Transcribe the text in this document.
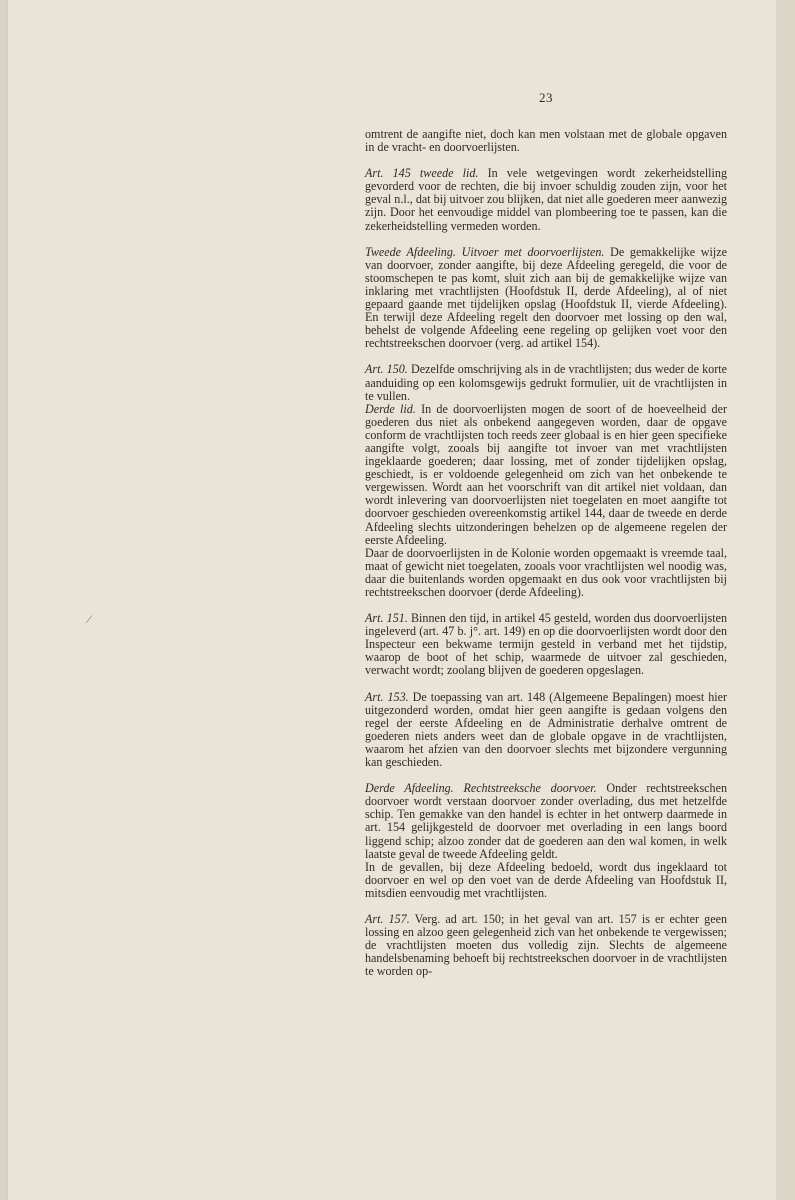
23

omtrent de aangifte niet, doch kan men volstaan met de globale opgaven in de vracht- en doorvoerlijsten.

Art. 145 tweede lid. In vele wetgevingen wordt zekerheidstelling gevorderd voor de rechten, die bij invoer schuldig zouden zijn, voor het geval n.l., dat bij uitvoer zou blijken, dat niet alle goederen meer aanwezig zijn. Door het eenvoudige middel van plombeering toe te passen, kan die zekerheidstelling vermeden worden.

Tweede Afdeeling. Uitvoer met doorvoerlijsten. De gemakkelijke wijze van doorvoer, zonder aangifte, bij deze Afdeeling geregeld, die voor de stoomschepen te pas komt, sluit zich aan bij de gemakkelijke wijze van inklaring met vrachtlijsten (Hoofdstuk II, derde Afdeeling), al of niet gepaard gaande met tijdelijken opslag (Hoofdstuk II, vierde Afdeeling). En terwijl deze Afdeeling regelt den doorvoer met lossing op den wal, behelst de volgende Afdeeling eene regeling op gelijken voet voor den rechtstreekschen doorvoer (verg. ad artikel 154).

Art. 150. Dezelfde omschrijving als in de vrachtlijsten; dus weder de korte aanduiding op een kolomsgewijs gedrukt formulier, uit de vrachtlijsten in te vullen.

Derde lid. In de doorvoerlijsten mogen de soort of de hoeveelheid der goederen dus niet als onbekend aangegeven worden, daar de opgave conform de vrachtlijsten toch reeds zeer globaal is en hier geen specifieke aangifte volgt, zooals bij aangifte tot invoer van met vrachtlijsten ingeklaarde goederen; daar lossing, met of zonder tijdelijken opslag, geschiedt, is er voldoende gelegenheid om zich van het onbekende te vergewissen. Wordt aan het voorschrift van dit artikel niet voldaan, dan wordt inlevering van doorvoerlijsten niet toegelaten en moet aangifte tot doorvoer geschieden overeenkomstig artikel 144, daar de tweede en derde Afdeeling slechts uitzonderingen behelzen op de algemeene regelen der eerste Afdeeling.

Daar de doorvoerlijsten in de Kolonie worden opgemaakt is vreemde taal, maat of gewicht niet toegelaten, zooals voor vrachtlijsten wel noodig was, daar die buitenlands worden opgemaakt en dus ook voor vrachtlijsten bij rechtstreekschen doorvoer (derde Afdeeling).

Art. 151. Binnen den tijd, in artikel 45 gesteld, worden dus doorvoerlijsten ingeleverd (art. 47 b. j°. art. 149) en op die doorvoerlijsten wordt door den Inspecteur een bekwame termijn gesteld in verband met het tijdstip, waarop de boot of het schip, waarmede de uitvoer zal geschieden, verwacht wordt; zoolang blijven de goederen opgeslagen.

Art. 153. De toepassing van art. 148 (Algemeene Bepalingen) moest hier uitgezonderd worden, omdat hier geen aangifte is gedaan volgens den regel der eerste Afdeeling en de Administratie derhalve omtrent de goederen niets anders weet dan de globale opgave in de vrachtlijsten, waarom het afzien van den doorvoer slechts met bijzondere vergunning kan geschieden.

Derde Afdeeling. Rechtstreeksche doorvoer. Onder rechtstreekschen doorvoer wordt verstaan doorvoer zonder overlading, dus met hetzelfde schip. Ten gemakke van den handel is echter in het ontwerp daarmede in art. 154 gelijkgesteld de doorvoer met overlading in een langs boord liggend schip; alzoo zonder dat de goederen aan den wal komen, in welk laatste geval de tweede Afdeeling geldt.

In de gevallen, bij deze Afdeeling bedoeld, wordt dus ingeklaard tot doorvoer en wel op den voet van de derde Afdeeling van Hoofdstuk II, mitsdien eenvoudig met vrachtlijsten.

Art. 157. Verg. ad art. 150; in het geval van art. 157 is er echter geen lossing en alzoo geen gelegenheid zich van het onbekende te vergewissen; de vrachtlijsten moeten dus volledig zijn. Slechts de algemeene handelsbenaming behoeft bij rechtstreekschen doorvoer in de vrachtlijsten te worden op-

⁄
